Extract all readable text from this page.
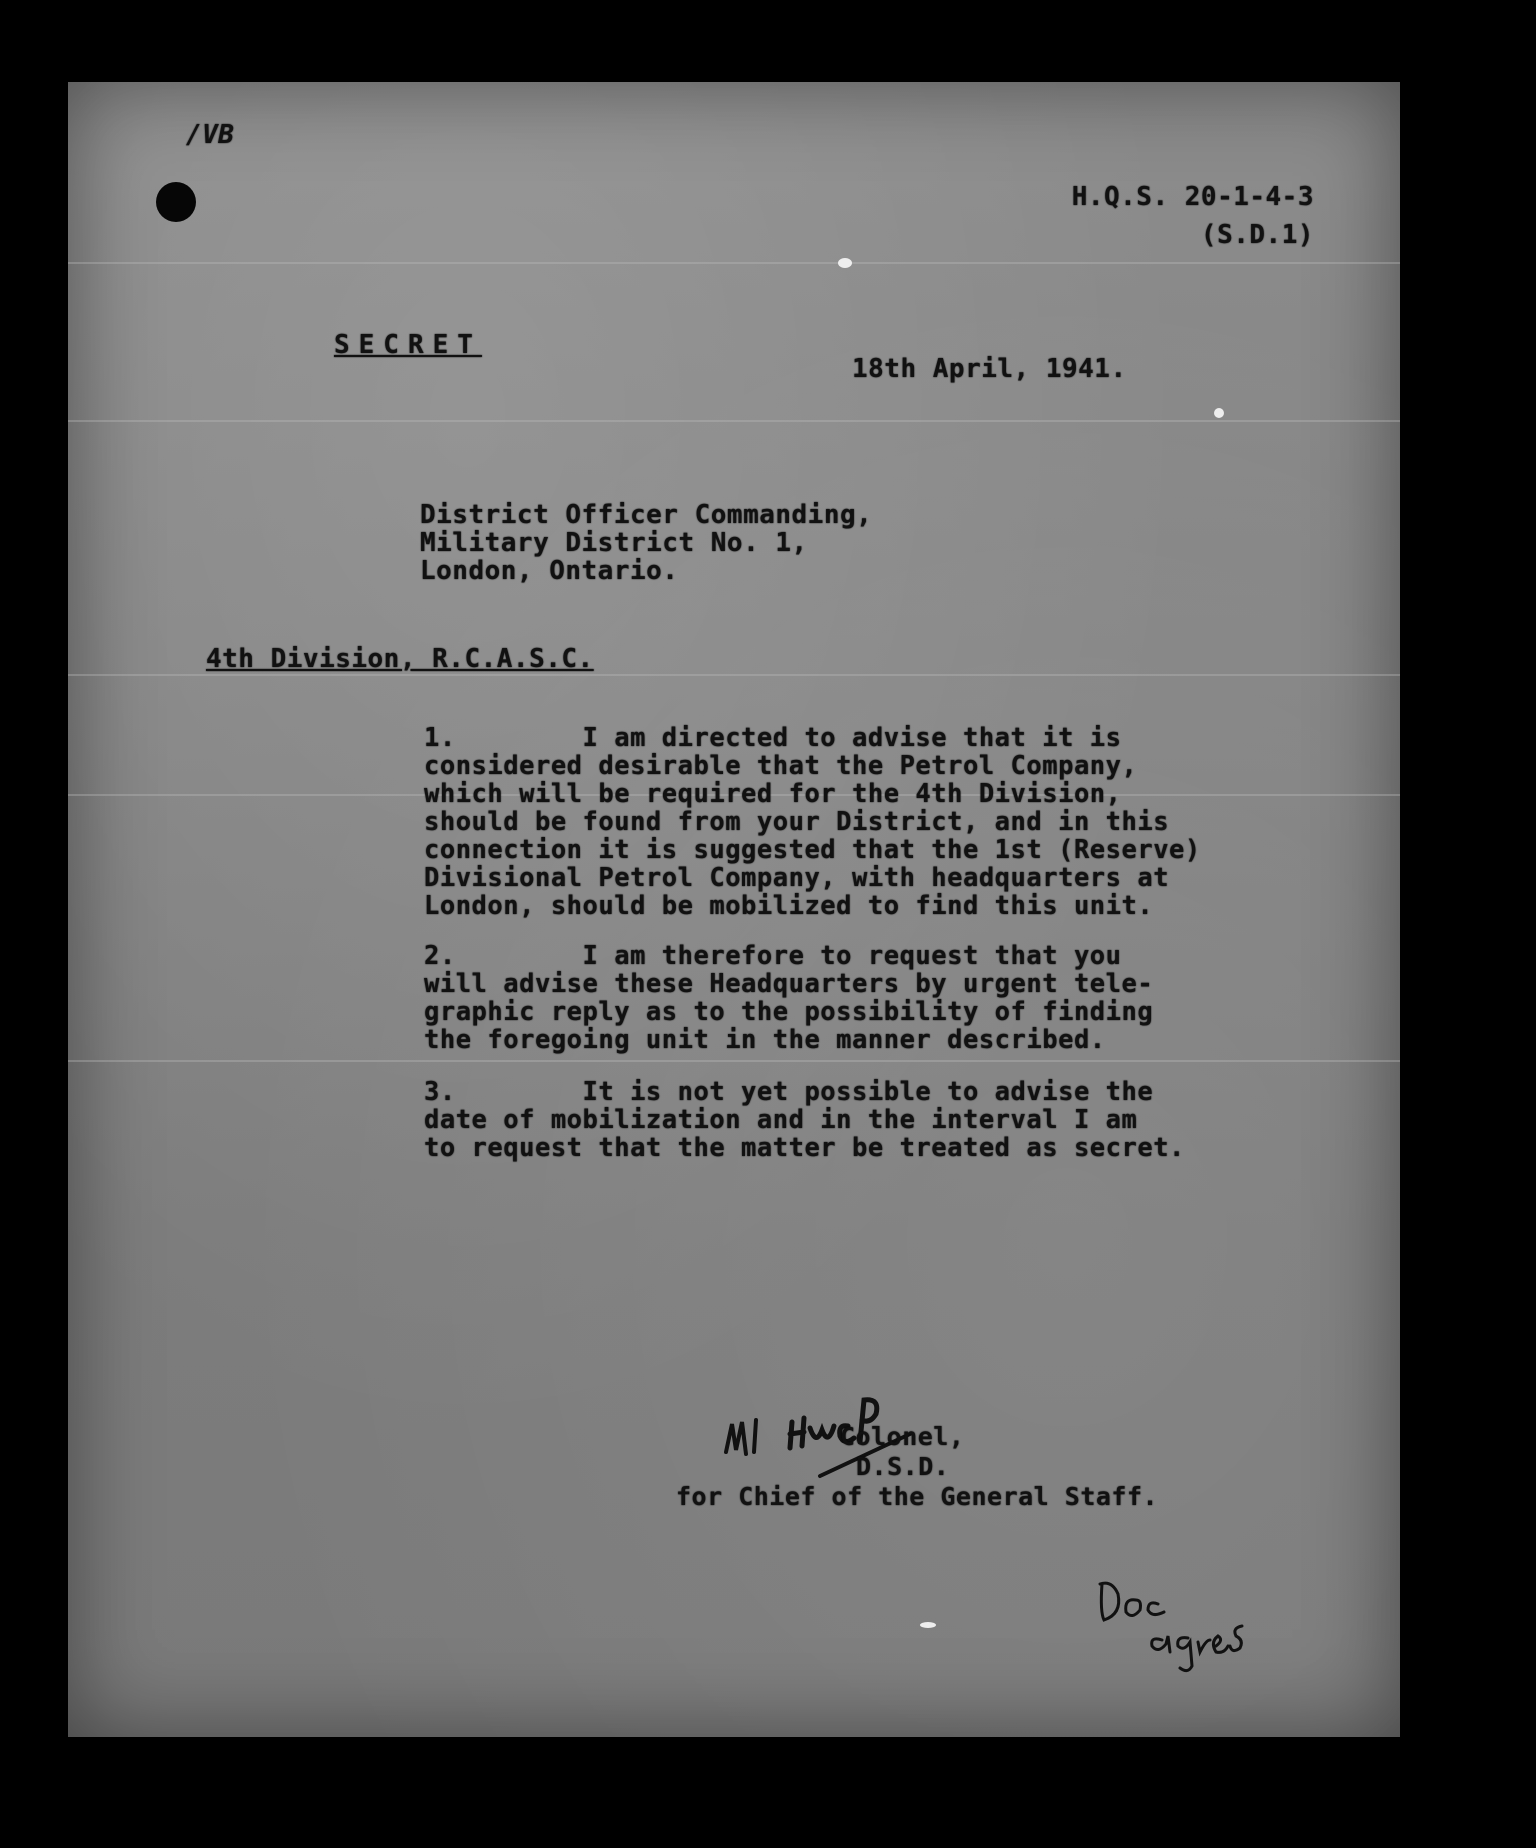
/VB
H.Q.S. 20-1-4-3
(S.D.1)
SECRET
18th April, 1941.
District Officer Commanding,
Military District No. 1,
London, Ontario.
4th Division, R.C.A.S.C.
1.        I am directed to advise that it is
considered desirable that the Petrol Company,
which will be required for the 4th Division,
should be found from your District, and in this
connection it is suggested that the 1st (Reserve)
Divisional Petrol Company, with headquarters at
London, should be mobilized to find this unit.
2.        I am therefore to request that you
will advise these Headquarters by urgent tele-
graphic reply as to the possibility of finding
the foregoing unit in the manner described.
3.        It is not yet possible to advise the
date of mobilization and in the interval I am
to request that the matter be treated as secret.
Colonel,
D.S.D.
for Chief of the General Staff.
